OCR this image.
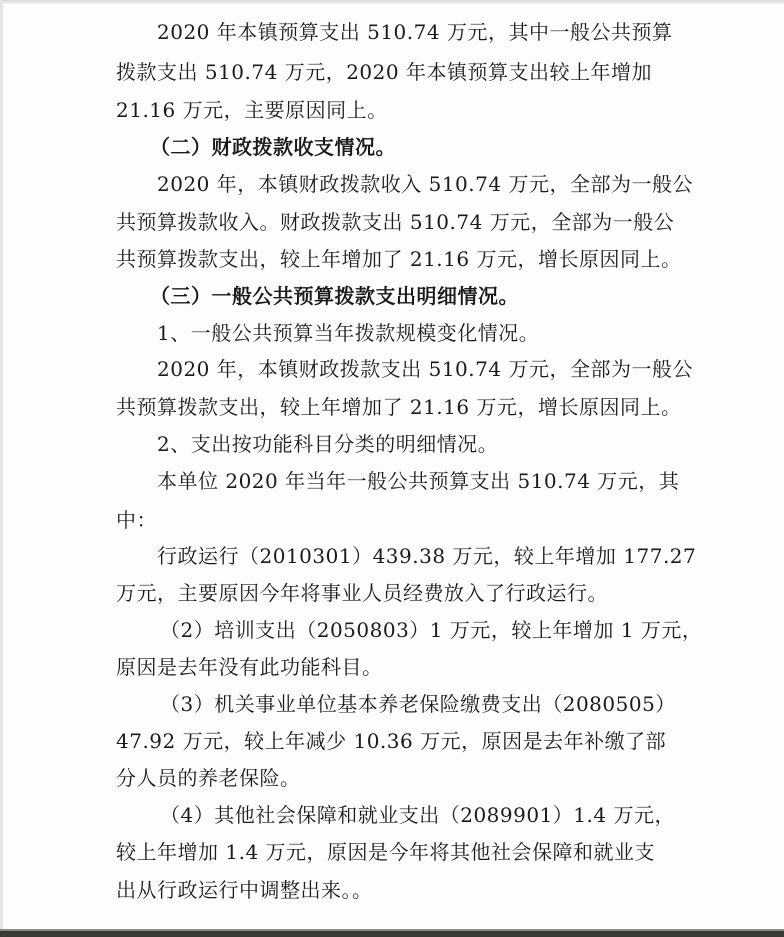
2020 年本镇预算支出 510.74 万元，其中一般公共预算
拨款支出 510.74 万元，2020 年本镇预算支出较上年增加
21.16 万元，主要原因同上。
（二）财政拨款收支情况。
2020 年，本镇财政拨款收入 510.74 万元，全部为一般公
共预算拨款收入。财政拨款支出 510.74 万元，全部为一般公
共预算拨款支出，较上年增加了 21.16 万元，增长原因同上。
（三）一般公共预算拨款支出明细情况。
1、一般公共预算当年拨款规模变化情况。
2020 年，本镇财政拨款支出 510.74 万元，全部为一般公
共预算拨款支出，较上年增加了 21.16 万元，增长原因同上。
2、支出按功能科目分类的明细情况。
本单位 2020 年当年一般公共预算支出 510.74 万元，其
中：
行政运行（2010301）439.38 万元，较上年增加 177.27
万元，主要原因今年将事业人员经费放入了行政运行。
（2）培训支出（2050803）1 万元，较上年增加 1 万元，
原因是去年没有此功能科目。
（3）机关事业单位基本养老保险缴费支出（2080505）
47.92 万元，较上年减少 10.36 万元，原因是去年补缴了部
分人员的养老保险。
（4）其他社会保障和就业支出（2089901）1.4 万元，
较上年增加 1.4 万元，原因是今年将其他社会保障和就业支
出从行政运行中调整出来。。
